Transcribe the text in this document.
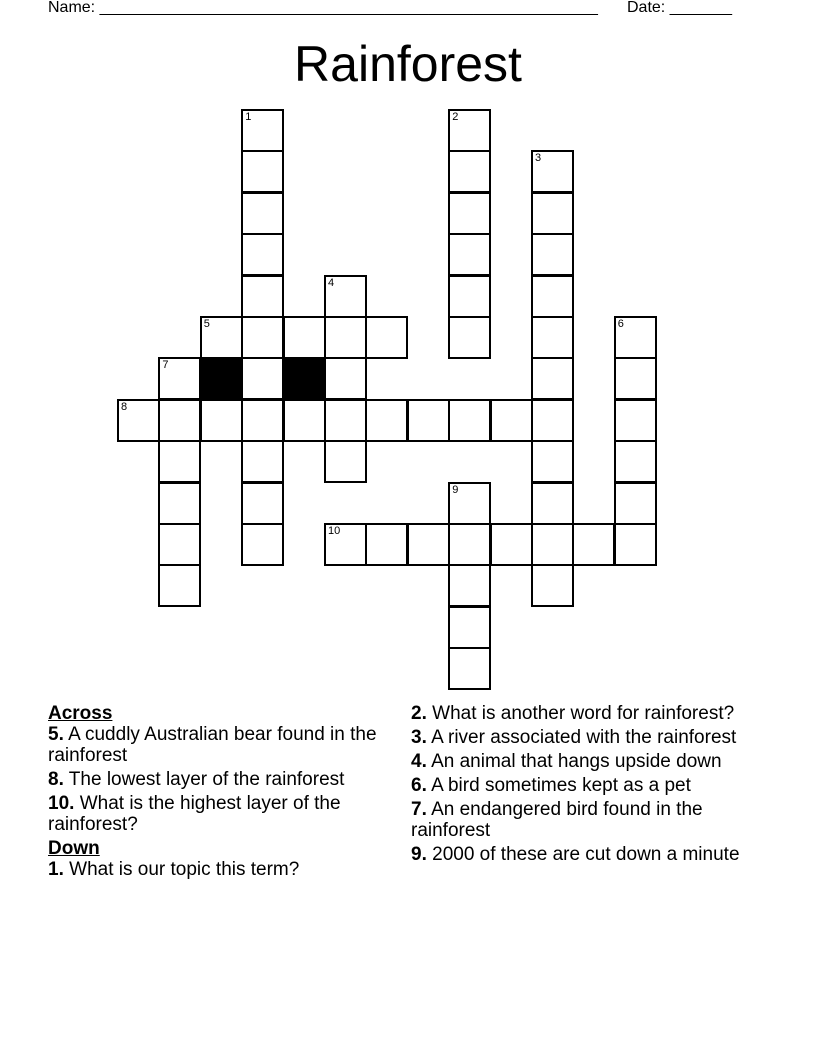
Name: ________________________________________________________ Date: _______
Rainforest
1	2
3
4
5	6
7
8
9
10

Across

5. A cuddly Australian bear found in the rainforest

8. The lowest layer of the rainforest

10. What is the highest layer of the rainforest?

Down

1. What is our topic this term?

2. What is another word for rainforest?

3. A river associated with the rainforest

4. An animal that hangs upside down

6. A bird sometimes kept as a pet

7. An endangered bird found in the rainforest

9. 2000 of these are cut down a minute
